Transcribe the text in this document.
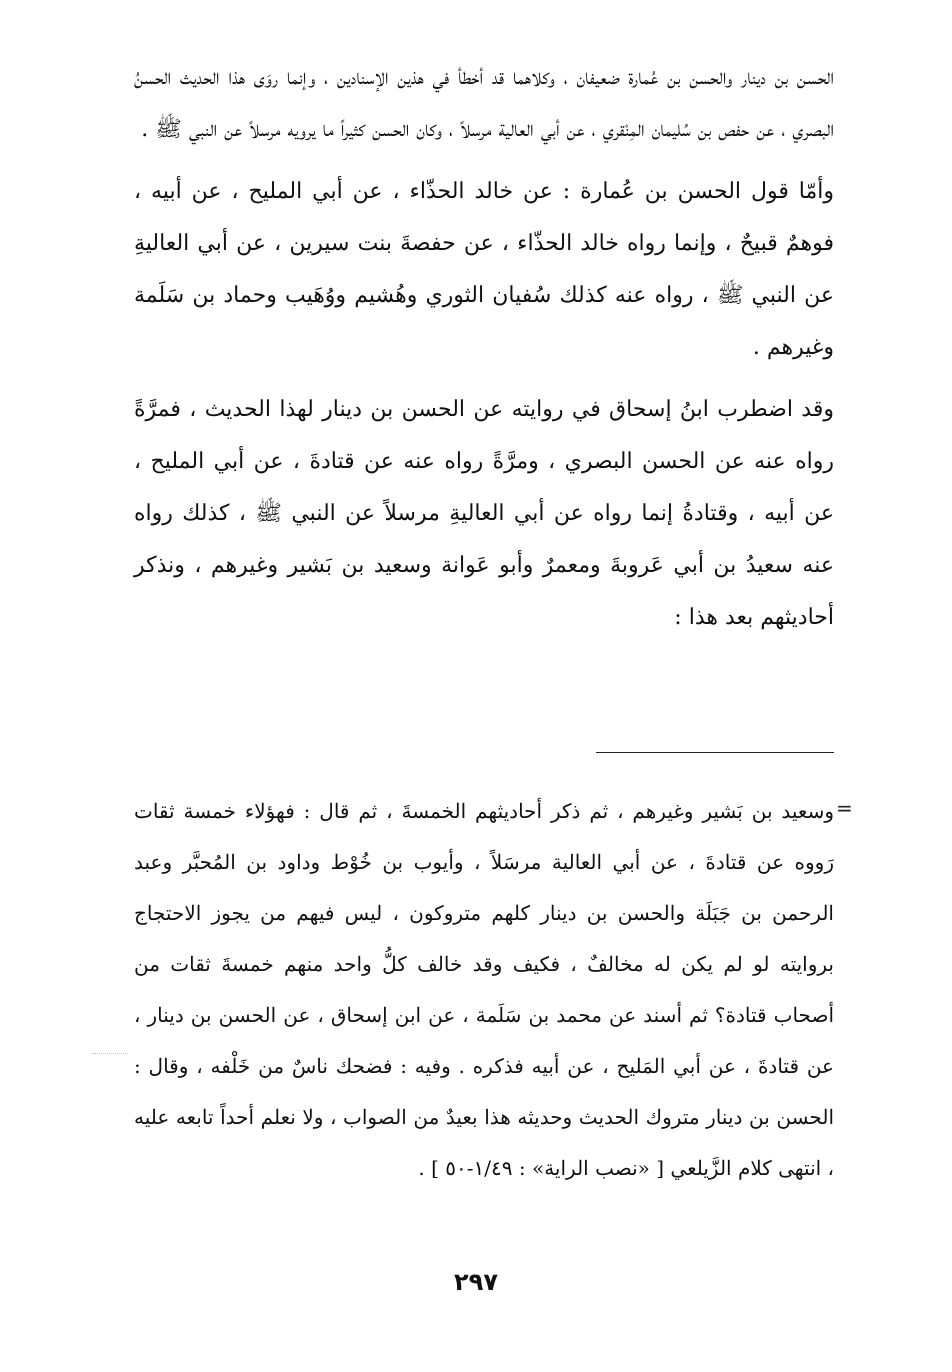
الحسن بن دينار والحسن بن عُمارة ضعيفان ، وكلاهما قد أخطأ في هذين الإسنادين ، وإنما روَى هذا الحديث الحسنُ البصري ، عن حفص بن سُليمان المِنْقري ، عن أبي العالية مرسلاً ، وكان الحسن كثيراً ما يرويه مرسلاً عن النبي ﷺ .

وأمّا قول الحسن بن عُمارة : عن خالد الحذّاء ، عن أبي المليح ، عن أبيه ، فوهمٌ قبيحٌ ، وإنما رواه خالد الحذّاء ، عن حفصةَ بنت سيرين ، عن أبي العاليةِ عن النبي ﷺ ، رواه عنه كذلك سُفيان الثوري وهُشيم ووُهَيب وحماد بن سَلَمة وغيرهم .

وقد اضطرب ابنُ إسحاق في روايته عن الحسن بن دينار لهذا الحديث ، فمرَّةً رواه عنه عن الحسن البصري ، ومرَّةً رواه عنه عن قتادةَ ، عن أبي المليح ، عن أبيه ، وقتادةُ إنما رواه عن أبي العاليةِ مرسلاً عن النبي ﷺ ، كذلك رواه عنه سعيدُ بن أبي عَروبةَ ومعمرٌ وأبو عَوانة وسعيد بن بَشير وغيرهم ، ونذكر أحاديثهم بعد هذا :

=

وسعيد بن بَشير وغيرهم ، ثم ذكر أحاديثهم الخمسةَ ، ثم قال : فهؤلاء خمسة ثقات رَووه عن قتادةَ ، عن أبي العالية مرسَلاً ، وأيوب بن خُوْط وداود بن المُحبَّر وعبد الرحمن بن جَبَلَة والحسن بن دينار كلهم متروكون ، ليس فيهم من يجوز الاحتجاج بروايته لو لم يكن له مخالفٌ ، فكيف وقد خالف كلُّ واحد منهم خمسةَ ثقات من أصحاب قتادة؟ ثم أسند عن محمد بن سَلَمة ، عن ابن إسحاق ، عن الحسن بن دينار ، عن قتادةَ ، عن أبي المَليح ، عن أبيه فذكره . وفيه : فضحك ناسٌ من خَلْفه ، وقال : الحسن بن دينار متروك الحديث وحديثه هذا بعيدٌ من الصواب ، ولا نعلم أحداً تابعه عليه ، انتهى كلام الزَّيلعي [ «نصب الراية» : ١/٤٩-٥٠ ] .

٢٩٧
